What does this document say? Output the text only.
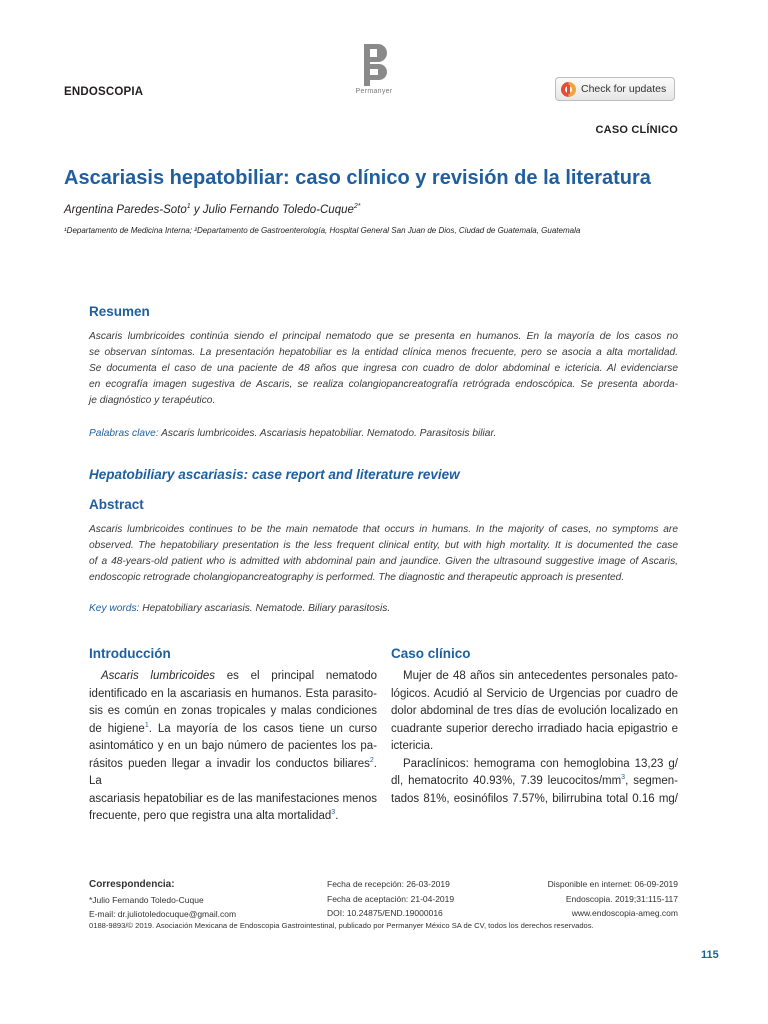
ENDOSCOPIA	Permanyer	Check for updates
CASO CLÍNICO
Ascariasis hepatobiliar: caso clínico y revisión de la literatura
Argentina Paredes-Soto$^1$ y Julio Fernando Toledo-Cuque$^{2*}$
¹Departamento de Medicina Interna; ²Departamento de Gastroenterología, Hospital General San Juan de Dios, Ciudad de Guatemala, Guatemala
Resumen
Ascaris lumbricoides continúa siendo el principal nematodo que se presenta en humanos. En la mayoría de los casos no
se observan síntomas. La presentación hepatobiliar es la entidad clínica menos frecuente, pero se asocia a alta mortalidad.
Se documenta el caso de una paciente de 48 años que ingresa con cuadro de dolor abdominal e ictericia. Al evidenciarse
en ecografía imagen sugestiva de Ascaris, se realiza colangiopancreatografía retrógrada endoscópica. Se presenta aborda-
je diagnóstico y terapéutico.
Palabras clave: Ascaris lumbricoides. Ascariasis hepatobiliar. Nematodo. Parasitosis biliar.
Hepatobiliary ascariasis: case report and literature review
Abstract
Ascaris lumbricoides continues to be the main nematode that occurs in humans. In the majority of cases, no symptoms are
observed. The hepatobiliary presentation is the less frequent clinical entity, but with high mortality. It is documented the case
of a 48-years-old patient who is admitted with abdominal pain and jaundice. Given the ultrasound suggestive image of Ascaris,
endoscopic retrograde cholangiopancreatography is performed. The diagnostic and therapeutic approach is presented.
Key words: Hepatobiliary ascariasis. Nematode. Biliary parasitosis.
Introducción
Ascaris lumbricoides es el principal nematodo
identificado en la ascariasis en humanos. Esta parasito-
sis es común en zonas tropicales y malas condiciones
de higiene$^1$. La mayoría de los casos tiene un curso
asintomático y en un bajo número de pacientes los pa-
rásitos pueden llegar a invadir los conductos biliares$^2$. La
ascariasis hepatobiliar es de las manifestaciones menos
frecuente, pero que registra una alta mortalidad$^3$.
Caso clínico
Mujer de 48 años sin antecedentes personales pato-
lógicos. Acudió al Servicio de Urgencias por cuadro de
dolor abdominal de tres días de evolución localizado en
cuadrante superior derecho irradiado hacia epigastrio e
ictericia.
Paraclínicos: hemograma con hemoglobina 13,23 g/
dl, hematocrito 40.93%, 7.39 leucocitos/$mm^3$, segmen-
tados 81%, eosinófilos 7.57%, bilirrubina total 0.16 mg/
Correspondencia:
*Julio Fernando Toledo-Cuque
E-mail: dr.juliotoledocuque@gmail.com
Fecha de recepción: 26-03-2019
Fecha de aceptación: 21-04-2019
DOI: 10.24875/END.19000016
Disponible en internet: 06-09-2019
Endoscopia. 2019;31:115-117
www.endoscopia-ameg.com
0188-9893/© 2019. Asociación Mexicana de Endoscopia Gastrointestinal, publicado por Permanyer México SA de CV, todos los derechos reservados.
115
